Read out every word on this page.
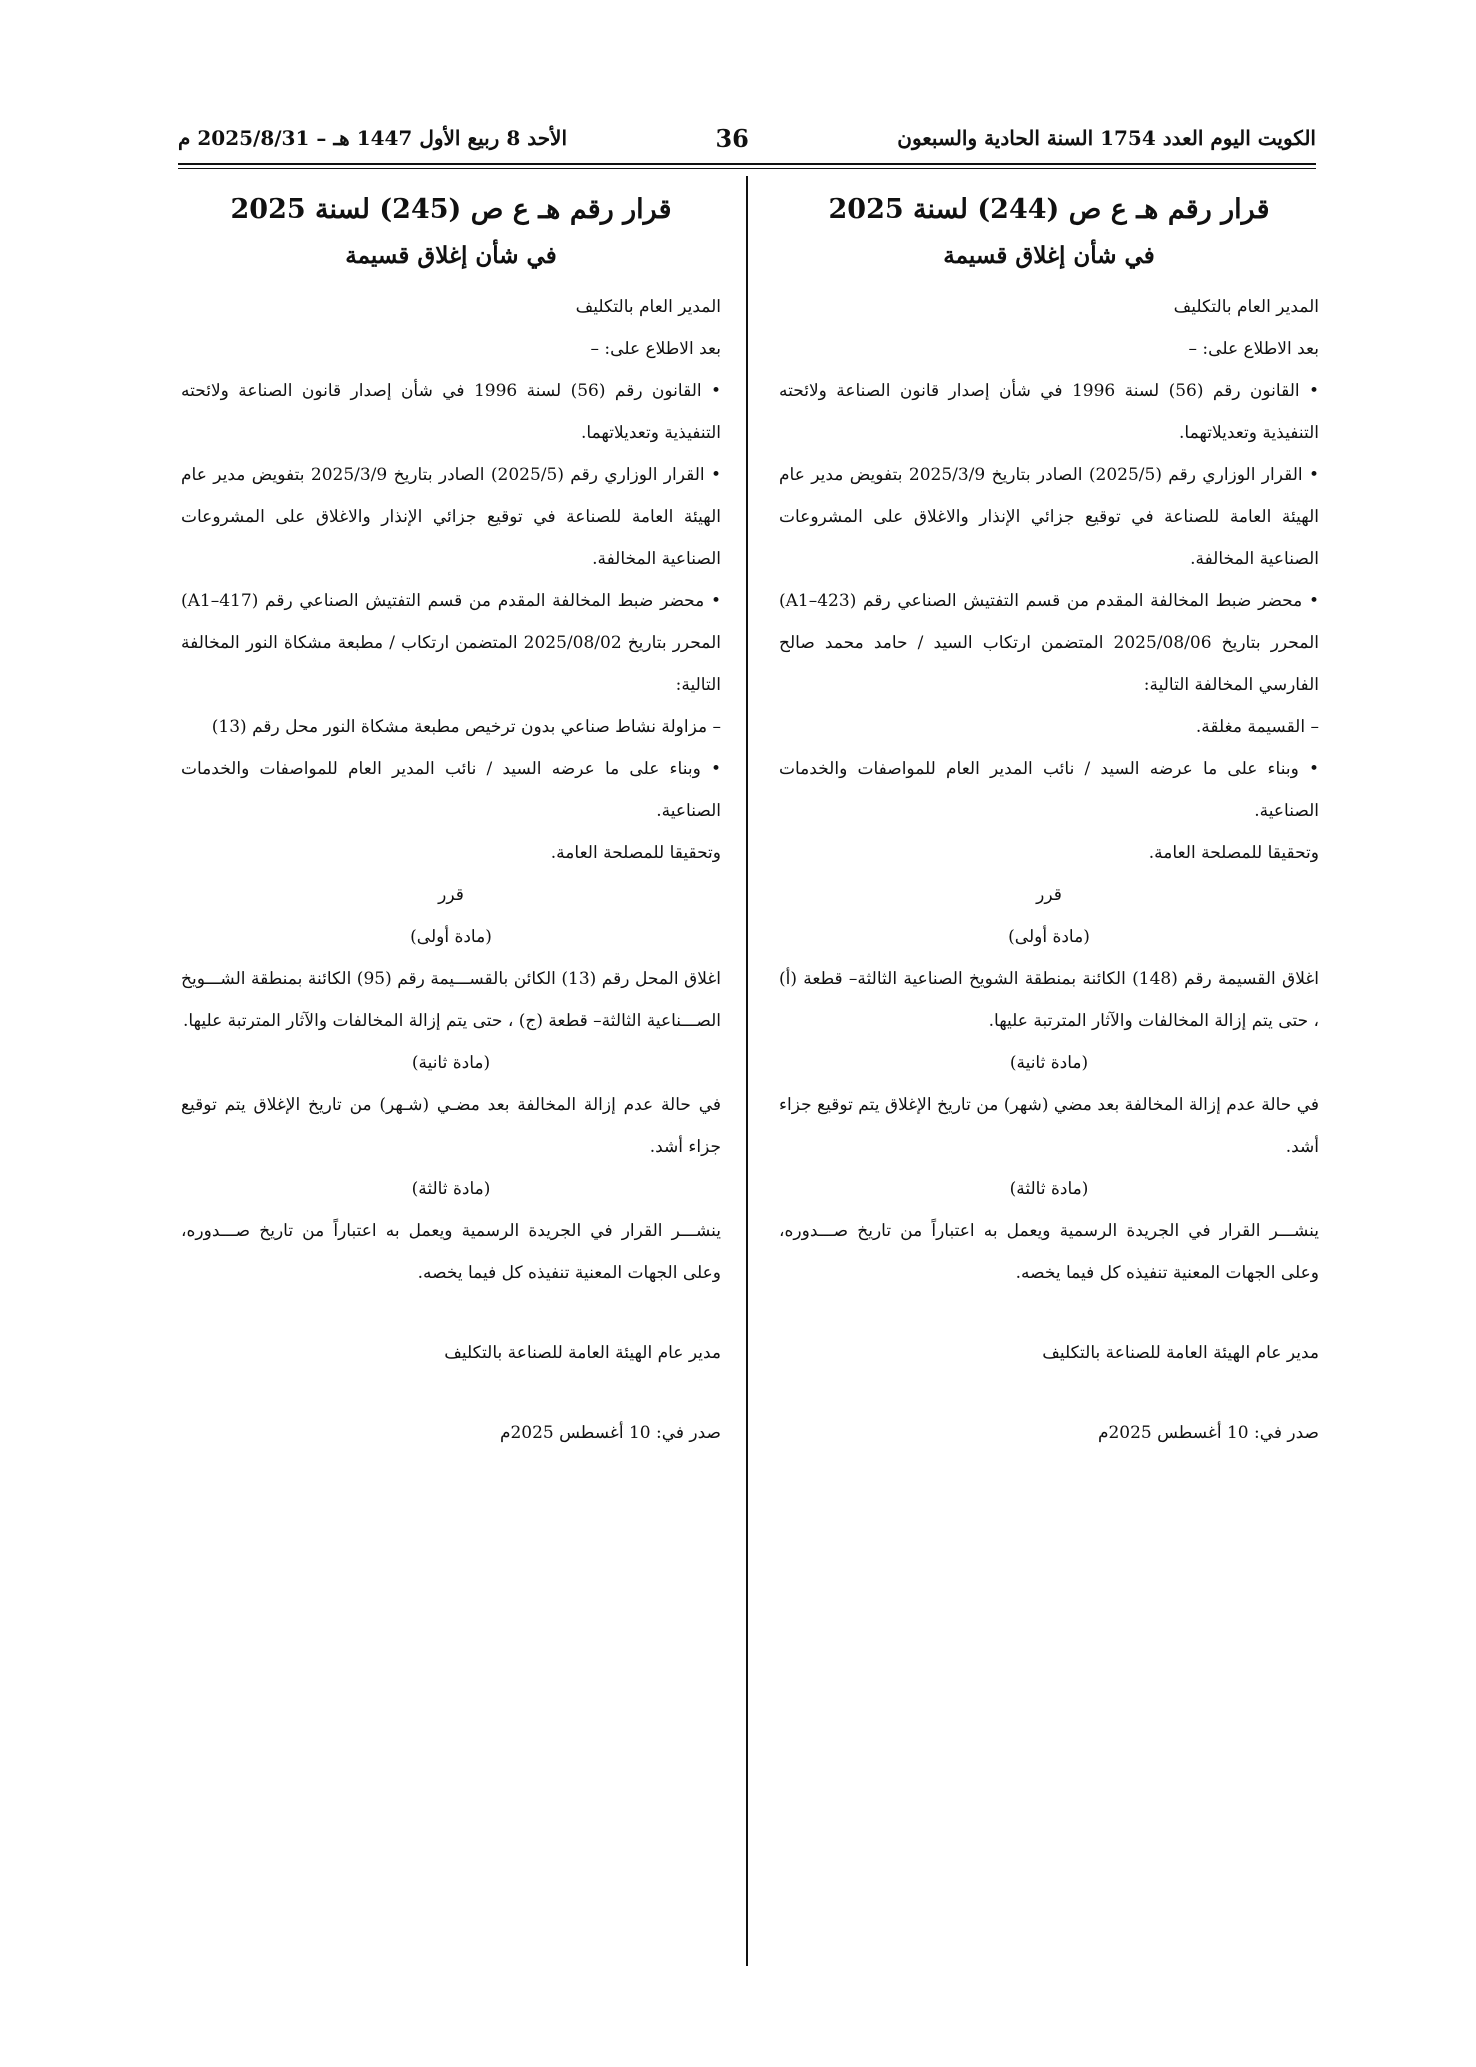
الكويت اليوم العدد 1754 السنة الحادية والسبعون
36
الأحد 8 ربيع الأول 1447 هـ – 2025/8/31 م
قرار رقم هـ ع ص (244) لسنة 2025
في شأن إغلاق قسيمة

المدير العام بالتكليف

بعد الاطلاع على: –

• القانون رقم (56) لسنة 1996 في شأن إصدار قانون الصناعة ولائحته التنفيذية وتعديلاتهما.

• القرار الوزاري رقم (2025/5) الصادر بتاريخ 2025/3/9 بتفويض مدير عام الهيئة العامة للصناعة في توقيع جزائي الإنذار والاغلاق على المشروعات الصناعية المخالفة.

• محضر ضبط المخالفة المقدم من قسم التفتيش الصناعي رقم (A1–423) المحرر بتاريخ 2025/08/06 المتضمن ارتكاب السيد / حامد محمد صالح الفارسي المخالفة التالية:

– القسيمة مغلقة.

• وبناء على ما عرضه السيد / نائب المدير العام للمواصفات والخدمات الصناعية.

وتحقيقا للمصلحة العامة.

قرر

(مادة أولى)

اغلاق القسيمة رقم (148) الكائنة بمنطقة الشويخ الصناعية الثالثة– قطعة (أ) ، حتى يتم إزالة المخالفات والآثار المترتبة عليها.

(مادة ثانية)

في حالة عدم إزالة المخالفة بعد مضي (شهر) من تاريخ الإغلاق يتم توقيع جزاء أشد.

(مادة ثالثة)

ينشـــر القرار في الجريدة الرسمية ويعمل به اعتباراً من تاريخ صـــدوره، وعلى الجهات المعنية تنفيذه كل فيما يخصه.

مدير عام الهيئة العامة للصناعة بالتكليف

صدر في: 10 أغسطس 2025م

قرار رقم هـ ع ص (245) لسنة 2025
في شأن إغلاق قسيمة

المدير العام بالتكليف

بعد الاطلاع على: –

• القانون رقم (56) لسنة 1996 في شأن إصدار قانون الصناعة ولائحته التنفيذية وتعديلاتهما.

• القرار الوزاري رقم (2025/5) الصادر بتاريخ 2025/3/9 بتفويض مدير عام الهيئة العامة للصناعة في توقيع جزائي الإنذار والاغلاق على المشروعات الصناعية المخالفة.

• محضر ضبط المخالفة المقدم من قسم التفتيش الصناعي رقم (A1–417) المحرر بتاريخ 2025/08/02 المتضمن ارتكاب / مطبعة مشكاة النور المخالفة التالية:

– مزاولة نشاط صناعي بدون ترخيص مطبعة مشكاة النور محل رقم (13)

• وبناء على ما عرضه السيد / نائب المدير العام للمواصفات والخدمات الصناعية.

وتحقيقا للمصلحة العامة.

قرر

(مادة أولى)

اغلاق المحل رقم (13) الكائن بالقســـيمة رقم (95) الكائنة بمنطقة الشـــويخ الصـــناعية الثالثة– قطعة (ج) ، حتى يتم إزالة المخالفات والآثار المترتبة عليها.

(مادة ثانية)

في حالة عدم إزالة المخالفة بعد مضـي (شـهر) من تاريخ الإغلاق يتم توقيع جزاء أشد.

(مادة ثالثة)

ينشـــر القرار في الجريدة الرسمية ويعمل به اعتباراً من تاريخ صـــدوره، وعلى الجهات المعنية تنفيذه كل فيما يخصه.

مدير عام الهيئة العامة للصناعة بالتكليف

صدر في: 10 أغسطس 2025م
